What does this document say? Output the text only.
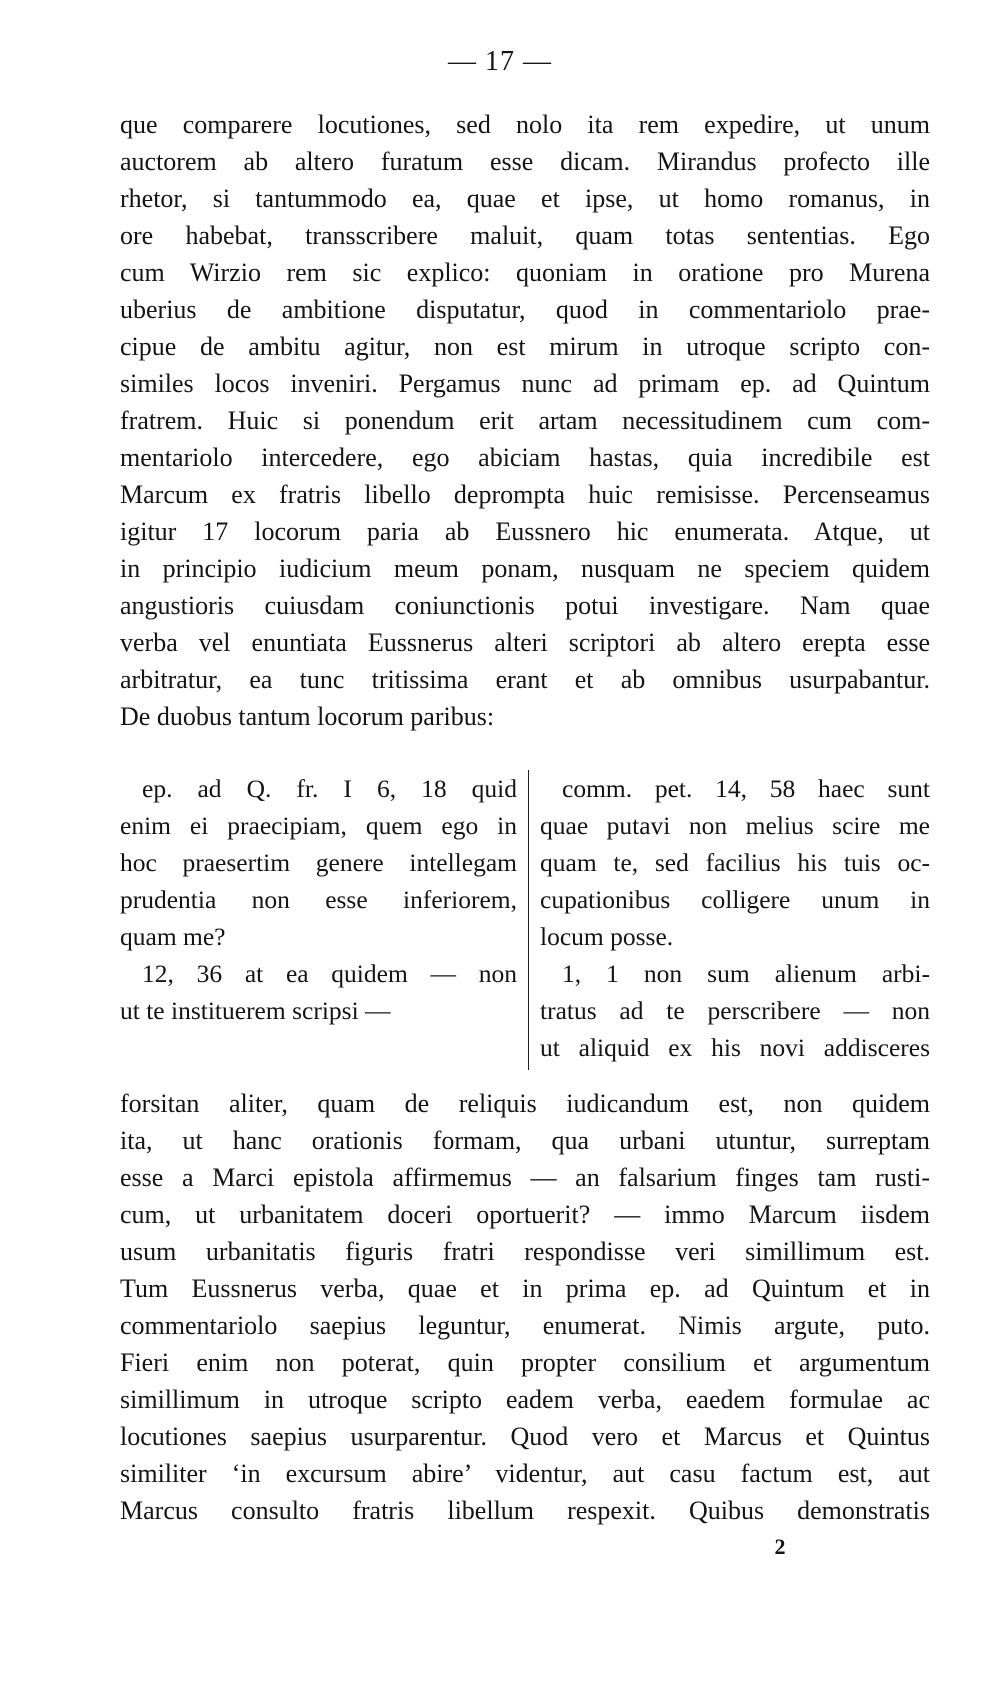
— 17 —
que comparere locutiones, sed nolo ita rem expedire, ut unum
auctorem ab altero furatum esse dicam. Mirandus profecto ille
rhetor, si tantummodo ea, quae et ipse, ut homo romanus, in
ore habebat, transscribere maluit, quam totas sententias. Ego
cum Wirzio rem sic explico: quoniam in oratione pro Murena
uberius de ambitione disputatur, quod in commentariolo prae-
cipue de ambitu agitur, non est mirum in utroque scripto con-
similes locos inveniri. Pergamus nunc ad primam ep. ad Quintum
fratrem. Huic si ponendum erit artam necessitudinem cum com-
mentariolo intercedere, ego abiciam hastas, quia incredibile est
Marcum ex fratris libello deprompta huic remisisse. Percenseamus
igitur 17 locorum paria ab Eussnero hic enumerata. Atque, ut
in principio iudicium meum ponam, nusquam ne speciem quidem
angustioris cuiusdam coniunctionis potui investigare. Nam quae
verba vel enuntiata Eussnerus alteri scriptori ab altero erepta esse
arbitratur, ea tunc tritissima erant et ab omnibus usurpabantur.
De duobus tantum locorum paribus:
ep. ad Q. fr. I 6, 18 quid
enim ei praecipiam, quem ego in
hoc praesertim genere intellegam
prudentia non esse inferiorem,
quam me?
12, 36 at ea quidem — non
ut te instituerem scripsi —
comm. pet. 14, 58 haec sunt
quae putavi non melius scire me
quam te, sed facilius his tuis oc-
cupationibus colligere unum in
locum posse.
1, 1 non sum alienum arbi-
tratus ad te perscribere — non
ut aliquid ex his novi addisceres
forsitan aliter, quam de reliquis iudicandum est, non quidem
ita, ut hanc orationis formam, qua urbani utuntur, surreptam
esse a Marci epistola affirmemus — an falsarium finges tam rusti-
cum, ut urbanitatem doceri oportuerit? — immo Marcum iisdem
usum urbanitatis figuris fratri respondisse veri simillimum est.
Tum Eussnerus verba, quae et in prima ep. ad Quintum et in
commentariolo saepius leguntur, enumerat. Nimis argute, puto.
Fieri enim non poterat, quin propter consilium et argumentum
simillimum in utroque scripto eadem verba, eaedem formulae ac
locutiones saepius usurparentur. Quod vero et Marcus et Quintus
similiter ‘in excursum abire’ videntur, aut casu factum est, aut
Marcus consulto fratris libellum respexit. Quibus demonstratis
2
